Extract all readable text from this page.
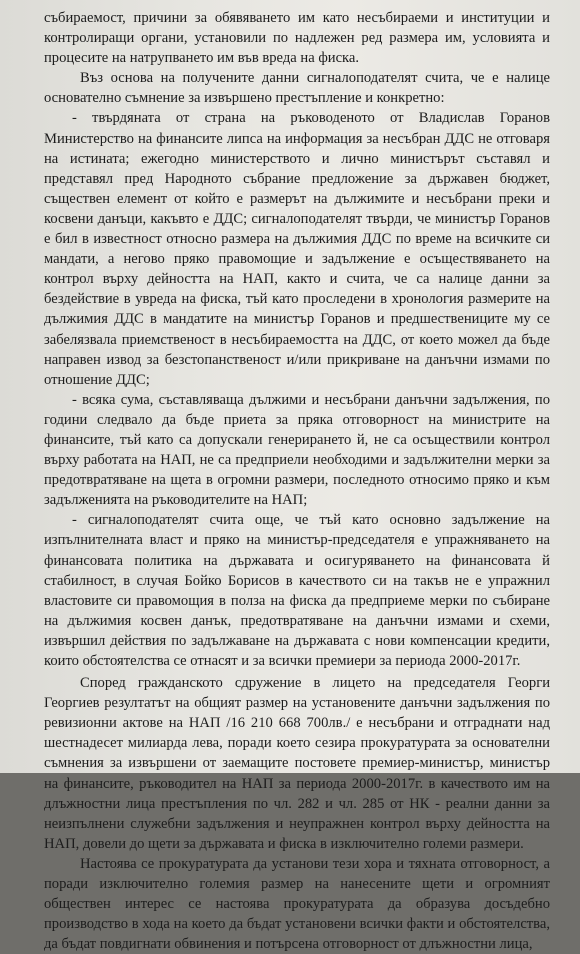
събираемост, причини за обявяването им като несъбираеми и институции и контролиращи органи, установили по надлежен ред размера им, условията и процесите на натрупването им във вреда на фиска.

Въз основа на получените данни сигналоподателят счита, че е налице основателно съмнение за извършено престъпление и конкретно:

- твърдяната от страна на ръководеното от Владислав Горанов Министерство на финансите липса на информация за несъбран ДДС не отговаря на истината; ежегодно министерството и лично министърът съставял и представял пред Народното събрание предложение за държавен бюджет, съществен елемент от който е размерът на дължимите и несъбрани преки и косвени данъци, какъвто е ДДС; сигналоподателят твърди, че министър Горанов е бил в известност относно размера на дължимия ДДС по време на всичките си мандати, а негово пряко правомощие и задължение е осъществяването на контрол върху дейността на НАП, както и счита, че са налице данни за бездействие в увреда на фиска, тъй като проследени в хронология размерите на дължимия ДДС в мандатите на министър Горанов и предшествениците му се забелязвала приемственост в несъбираемостта на ДДС, от което можел да бъде направен извод за безстопанственост и/или прикриване на данъчни измами по отношение ДДС;

- всяка сума, съставляваща дължими и несъбрани данъчни задължения, по години следвало да бъде приета за пряка отговорност на министрите на финансите, тъй като са допускали генерирането й, не са осъществили контрол върху работата на НАП, не са предприели необходими и задължителни мерки за предотвратяване на щета в огромни размери, последното относимо пряко и към задълженията на ръководителите на НАП;

- сигналоподателят счита още, че тъй като основно задължение на изпълнителната власт и пряко на министър-председателя е упражняването на финансовата политика на държавата и осигуряването на финансовата й стабилност, в случая Бойко Борисов в качеството си на такъв не е упражнил властовите си правомощия в полза на фиска да предприеме мерки по събиране на дължимия косвен данък, предотвратяване на данъчни измами и схеми, извършил действия по задължаване на държавата с нови компенсации кредити, които обстоятелства се отнасят и за всички премиери за периода 2000-2017г.

Според гражданското сдружение в лицето на председателя Георги Георгиев резултатът на общият размер на установените данъчни задължения по ревизионни актове на НАП /16 210 668 700лв./ е несъбрани и отграднати над шестнадесет милиарда лева, поради което сезира прокуратурата за основателни съмнения за извършени от заемащите постовете премиер-министър, министър на финансите, ръководител на НАП за периода 2000-2017г. в качеството им на длъжностни лица престъпления по чл. 282 и чл. 285 от НК - реални данни за неизпълнени служебни задължения и неупражнен контрол върху дейността на НАП, довели до щети за държавата и фиска в изключително големи размери.

Настоява се прокуратурата да установи тези хора и тяхната отговорност, а поради изключително големия размер на нанесените щети и огромният обществен интерес се настоява прокуратурата да образува досъдебно производство в хода на което да бъдат установени всички факти и обстоятелства, да бъдат повдигнати обвинения и потърсена отговорност от длъжностни лица,
